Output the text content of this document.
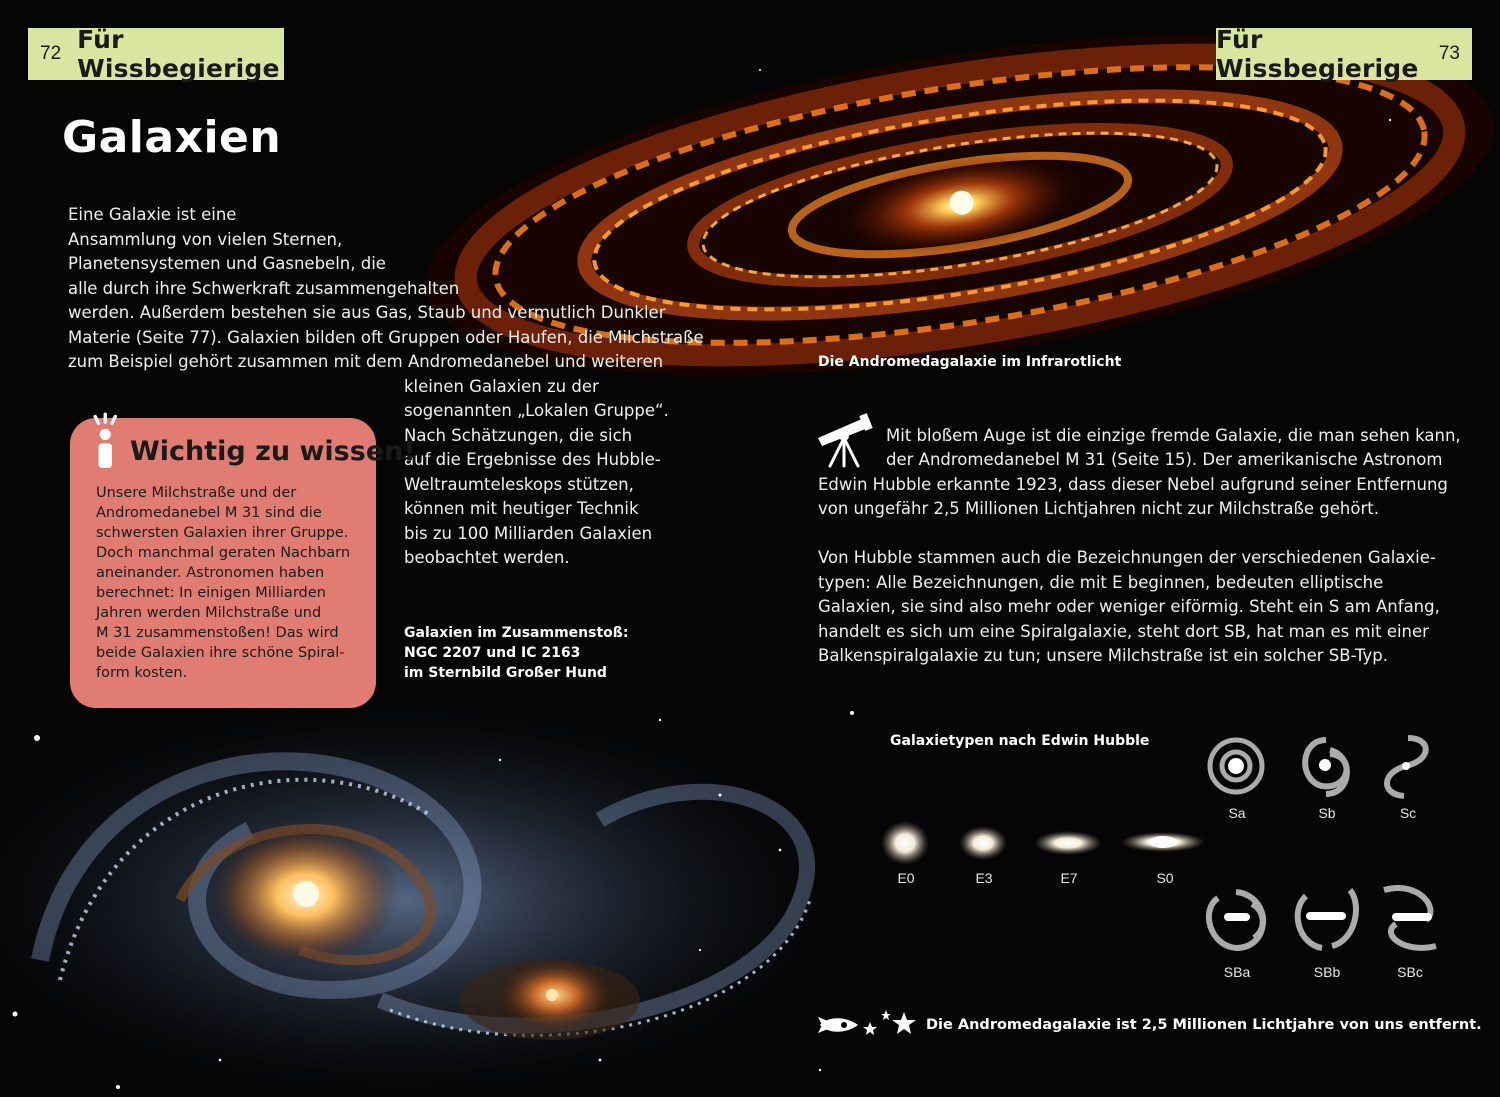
72 Für Wissbegierige
Für Wissbegierige
73
Galaxien
Eine Galaxie ist eine
Ansammlung von vielen Sternen,
Planetensystemen und Gasnebeln, die
alle durch ihre Schwerkraft zusammengehalten
werden. Außerdem bestehen sie aus Gas, Staub und vermutlich Dunkler
Materie (Seite 77). Galaxien bilden oft Gruppen oder Haufen, die Milchstraße
zum Beispiel gehört zusammen mit dem Andromedanebel und weiteren
kleinen Galaxien zu der
sogenannten „Lokalen Gruppe“.
Nach Schätzungen, die sich
auf die Ergebnisse des Hubble-
Weltraumteleskops stützen,
können mit heutiger Technik
bis zu 100 Milliarden Galaxien
beobachtet werden.
Wichtig zu wissen!
Unsere Milchstraße und der
Andromedanebel M 31 sind die
schwersten Galaxien ihrer Gruppe.
Doch manchmal geraten Nachbarn
aneinander. Astronomen haben
berechnet: In einigen Milliarden
Jahren werden Milchstraße und
M 31 zusammenstoßen! Das wird
beide Galaxien ihre schöne Spiral-
form kosten.
Galaxien im Zusammenstoß:
NGC 2207 und IC 2163
im Sternbild Großer Hund
Die Andromedagalaxie im Infrarotlicht
Mit bloßem Auge ist die einzige fremde Galaxie, die man sehen kann,
der Andromedanebel M 31 (Seite 15). Der amerikanische Astronom
Edwin Hubble erkannte 1923, dass dieser Nebel aufgrund seiner Entfernung
von ungefähr 2,5 Millionen Lichtjahren nicht zur Milchstraße gehört.
Von Hubble stammen auch die Bezeichnungen der verschiedenen Galaxie-
typen: Alle Bezeichnungen, die mit E beginnen, bedeuten elliptische
Galaxien, sie sind also mehr oder weniger eiförmig. Steht ein S am Anfang,
handelt es sich um eine Spiralgalaxie, steht dort SB, hat man es mit einer
Balkenspiralgalaxie zu tun; unsere Milchstraße ist ein solcher SB-Typ.
Galaxietypen nach Edwin Hubble
E0	E3	E7	S0
Sa	Sb	Sc
SBa	SBb	SBc
Die Andromedagalaxie ist 2,5 Millionen Lichtjahre von uns entfernt.
